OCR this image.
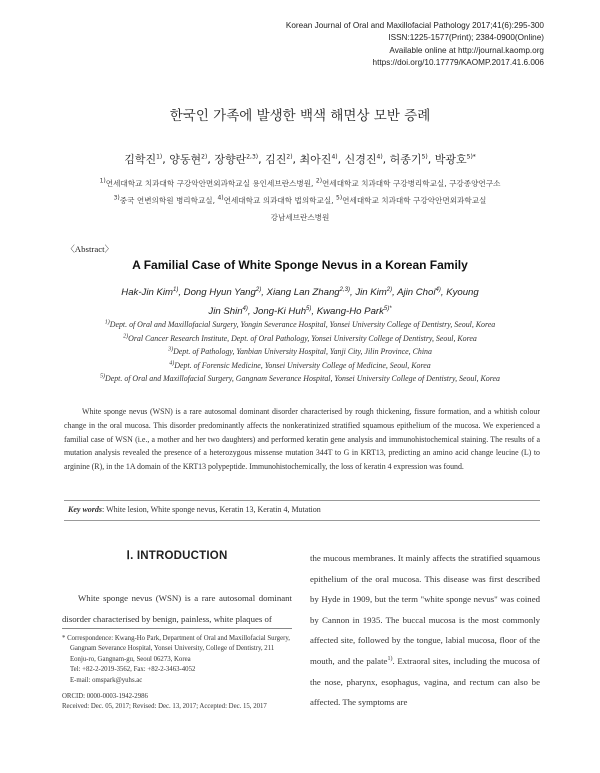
Korean Journal of Oral and Maxillofacial Pathology 2017;41(6):295-300
ISSN:1225-1577(Print); 2384-0900(Online)
Available online at http://journal.kaomp.org
https://doi.org/10.17779/KAOMP.2017.41.6.006
한국인 가족에 발생한 백색 해면상 모반 증례
김학진$^{1)}$, 양동현$^{2)}$, 장향란$^{2,3)}$, 김진$^{2)}$, 최아진$^{4)}$, 신경진$^{4)}$, 허종기$^{5)}$, 박광호$^{5)*}$
$^{1)}$연세대학교 치과대학 구강악안면외과학교실 용인세브란스병원, $^{2)}$연세대학교 치과대학 구강병리학교실, 구강종양연구소
$^{3)}$중국 연변의학원 병리학교실, $^{4)}$연세대학교 의과대학 법의학교실, $^{5)}$연세대학교 치과대학 구강악안면외과학교실
강남세브란스병원
〈Abstract〉
A Familial Case of White Sponge Nevus in a Korean Family
Hak-Jin Kim$^{1)}$, Dong Hyun Yang$^{2)}$, Xiang Lan Zhang$^{2,3)}$, Jin Kim$^{2)}$, Ajin Choi$^{4)}$, Kyoung Jin Shin$^{4)}$, Jong-Ki Huh$^{5)}$, Kwang-Ho Park$^{5)*}$
$^{1)}$Dept. of Oral and Maxillofacial Surgery, Yongin Severance Hospital, Yonsei University College of Dentistry, Seoul, Korea
$^{2)}$Oral Cancer Research Institute, Dept. of Oral Pathology, Yonsei University College of Dentistry, Seoul, Korea
$^{3)}$Dept. of Pathology, Yanbian University Hospital, Yanji City, Jilin Province, China
$^{4)}$Dept. of Forensic Medicine, Yonsei University College of Medicine, Seoul, Korea
$^{5)}$Dept. of Oral and Maxillofacial Surgery, Gangnam Severance Hospital, Yonsei University College of Dentistry, Seoul, Korea

White sponge nevus (WSN) is a rare autosomal dominant disorder characterised by rough thickening, fissure formation, and a whitish colour change in the oral mucosa. This disorder predominantly affects the nonkeratinized stratified squamous epithelium of the mucosa. We experienced a familial case of WSN (i.e., a mother and her two daughters) and performed keratin gene analysis and immunohistochemical staining. The results of a mutation analysis revealed the presence of a heterozygous missense mutation 344T to G in KRT13, predicting an amino acid change leucine (L) to arginine (R), in the 1A domain of the KRT13 polypeptide. Immunohistochemically, the loss of keratin 4 expression was found.

Key words: White lesion, White sponge nevus, Keratin 13, Keratin 4, Mutation
Ⅰ. INTRODUCTION

White sponge nevus (WSN) is a rare autosomal dominant disorder characterised by benign, painless, white plaques of

the mucous membranes. It mainly affects the stratified squamous epithelium of the oral mucosa. This disease was first described by Hyde in 1909, but the term "white sponge nevus" was coined by Cannon in 1935. The buccal mucosa is the most commonly affected site, followed by the tongue, labial mucosa, floor of the mouth, and the palate$^{1)}$. Extraoral sites, including the mucosa of the nose, pharynx, esophagus, vagina, and rectum can also be affected. The symptoms are

* Correspondence: Kwang-Ho Park, Department of Oral and Maxillofacial Surgery, Gangnam Severance Hospital, Yonsei University, College of Dentistry, 211 Eonju-ro, Gangnam-gu, Seoul 06273, Korea

Tel: +82-2-2019-3562, Fax: +82-2-3463-4052

E-mail: omspark@yuhs.ac

ORCID: 0000-0003-1942-2986

Received: Dec. 05, 2017; Revised: Dec. 13, 2017; Accepted: Dec. 15, 2017
